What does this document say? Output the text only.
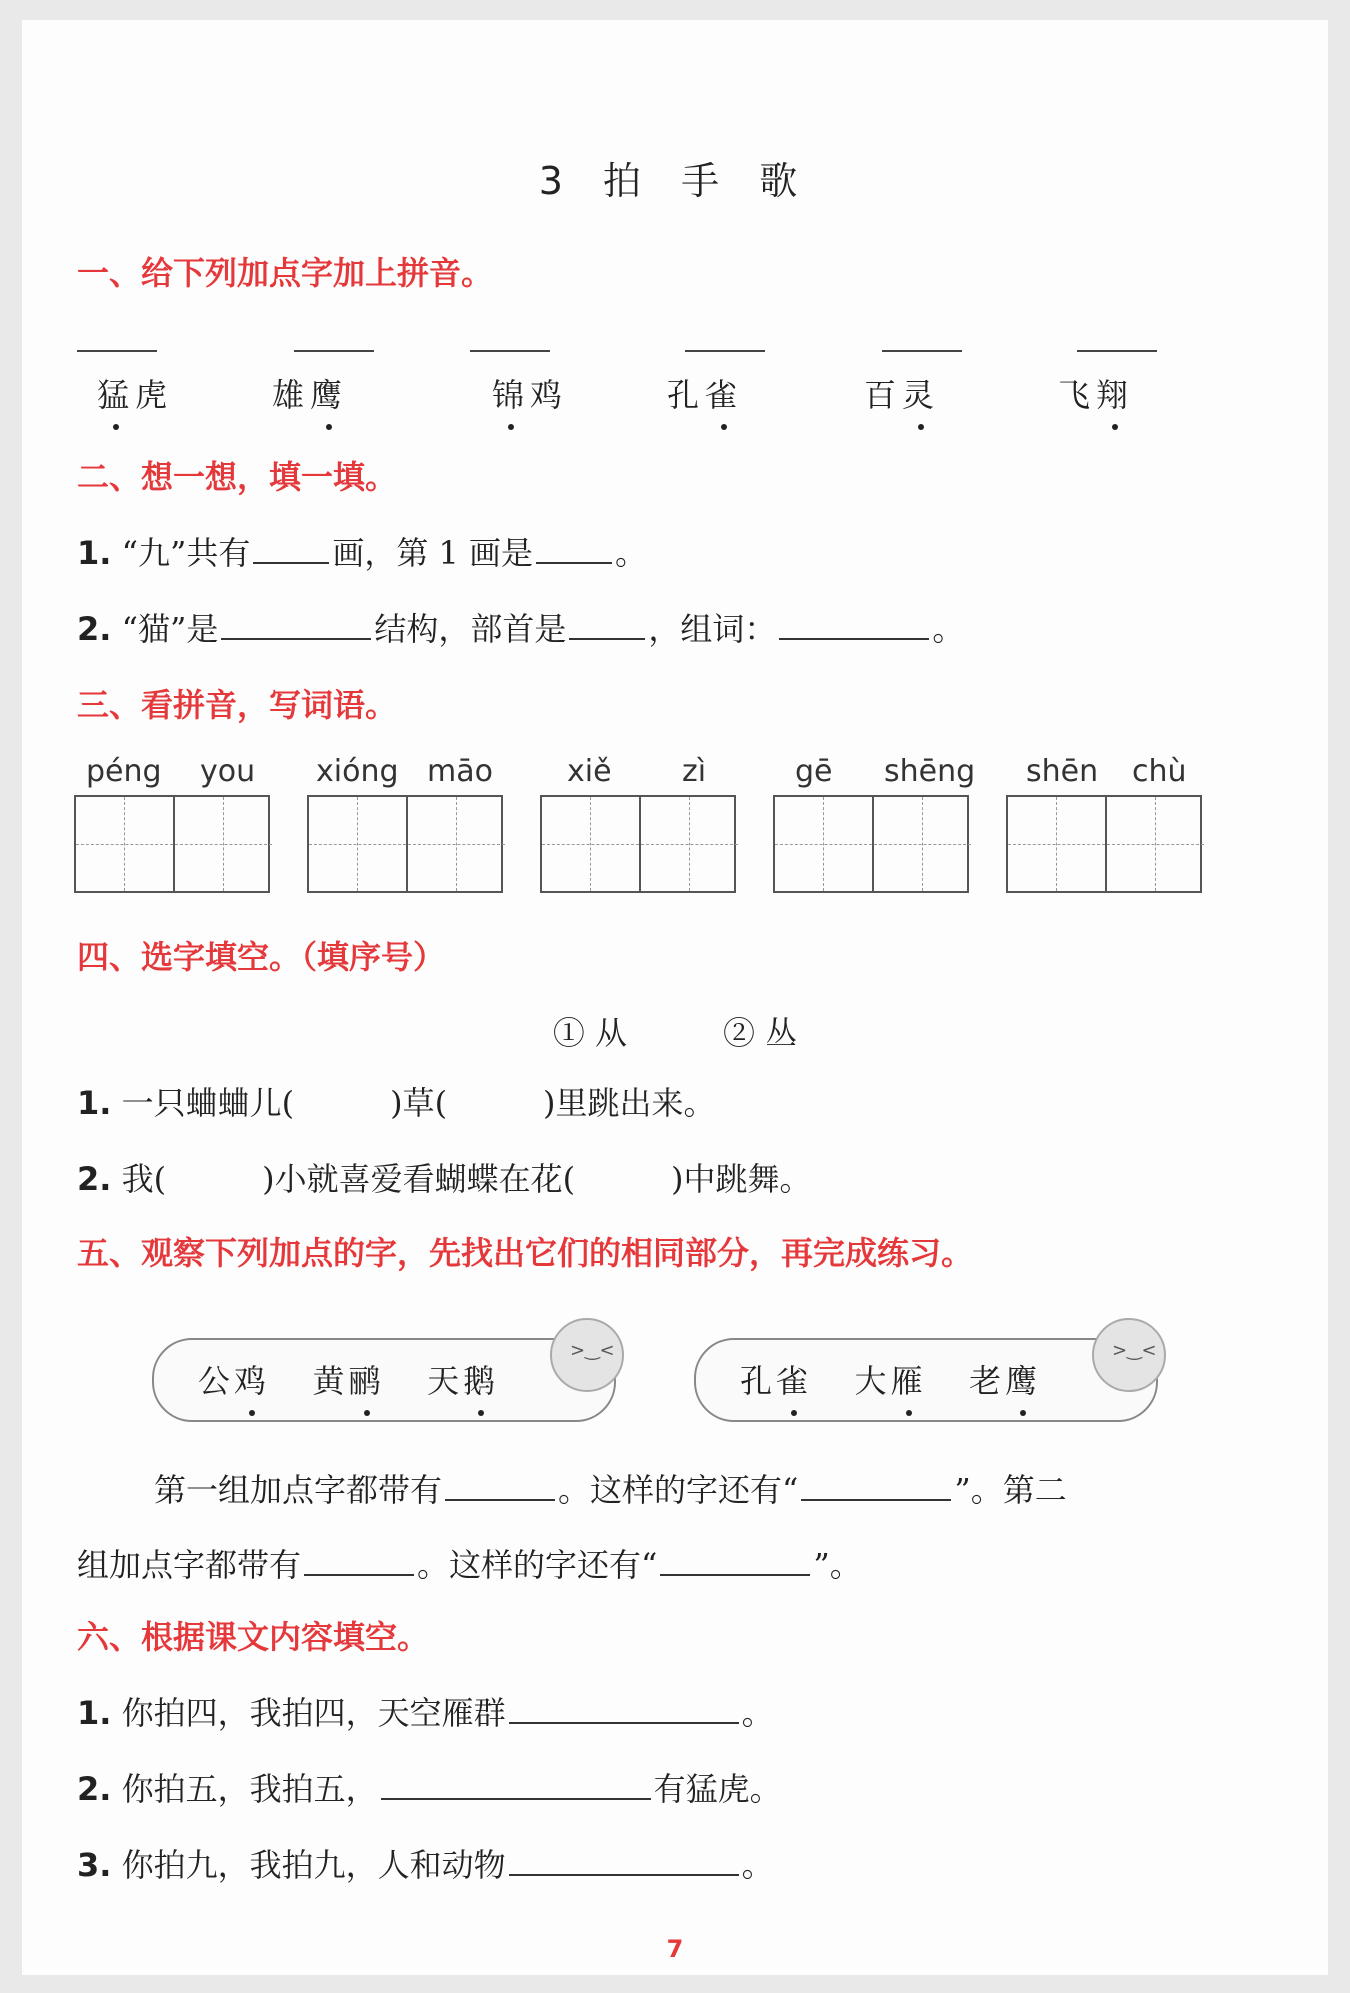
3 拍 手 歌
一、给下列加点字加上拼音。
猛虎	雄鹰	锦鸡	孔雀	百灵	飞翔
二、想一想，填一填。
1. “九”共有	画，第 1 画是	。
2. “猫”是	结构，部首是	，组词：	。
三、看拼音，写词语。
péng you xióng māo xiě zì	gē shēng shēn chù
四、选字填空。（填序号）
① 从　　　② 丛
1. 一只蛐蛐儿(　　　)草(　　　)里跳出来。
2. 我(　　　)小就喜爱看蝴蝶在花(　　　)中跳舞。
五、观察下列加点的字，先找出它们的相同部分，再完成练习。
公鸡 黄鹂 天鹅
>‿<
孔雀 大雁 老鹰
>‿<
第一组加点字都带有	。这样的字还有“	”。第二
组加点字都带有	。这样的字还有“	”。
六、根据课文内容填空。
1. 你拍四，我拍四，天空雁群	。
2. 你拍五，我拍五，	有猛虎。
3. 你拍九，我拍九，人和动物	。
7
